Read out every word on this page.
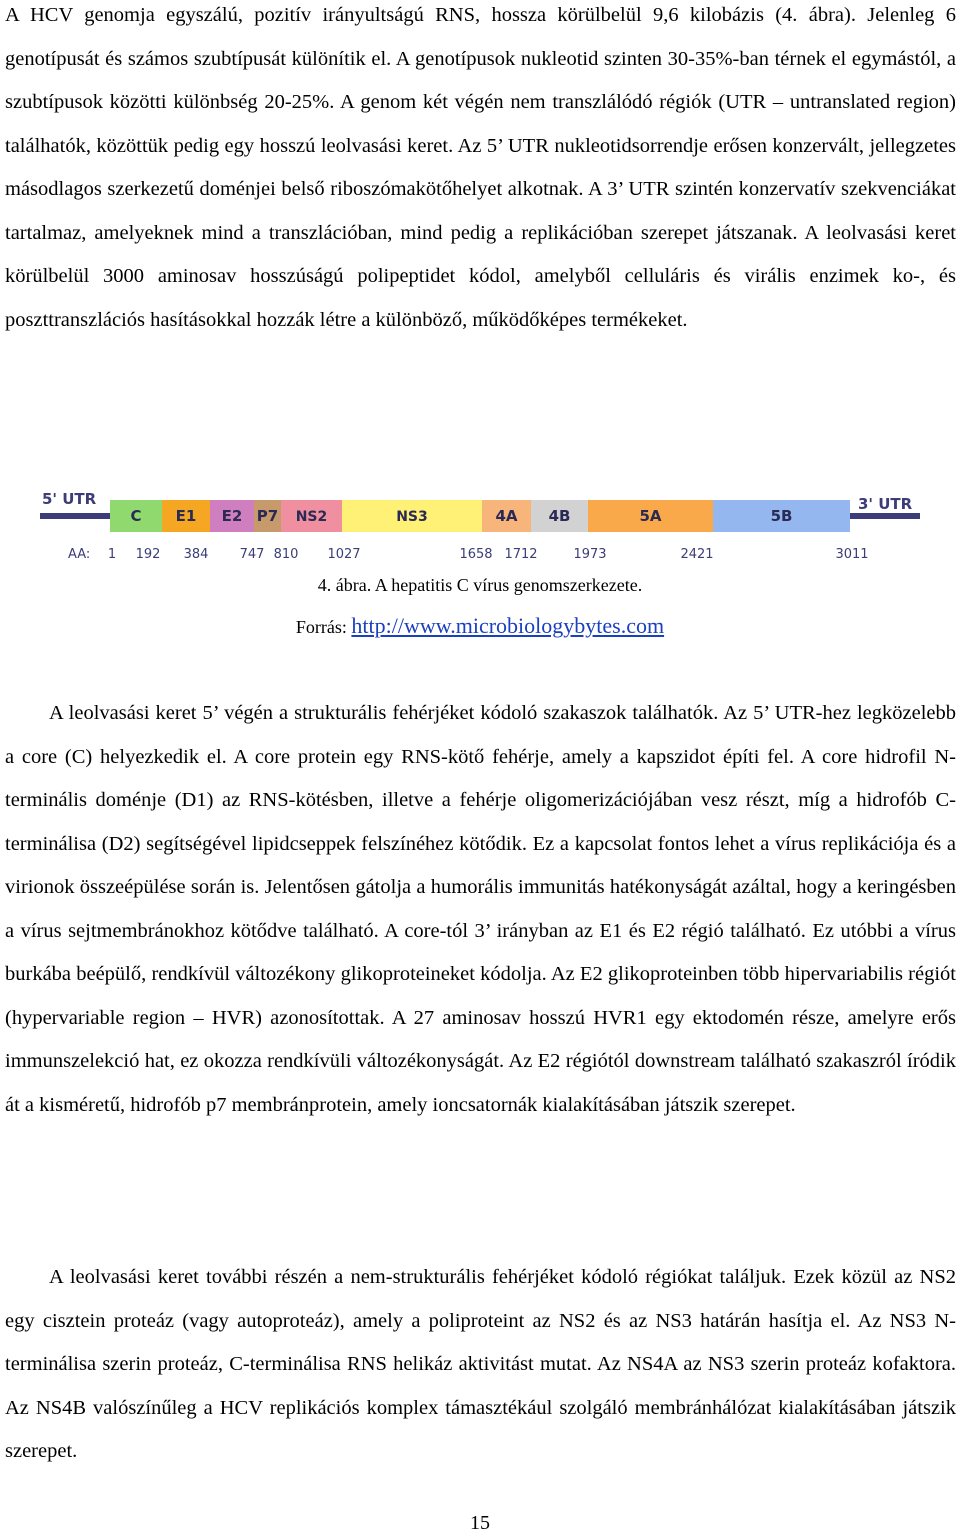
A HCV genomja egyszálú, pozitív irányultságú RNS, hossza körülbelül 9,6 kilobázis (4. ábra). Jelenleg 6 genotípusát és számos szubtípusát különítik el. A genotípusok nukleotid szinten 30-35%-ban térnek el egymástól, a szubtípusok közötti különbség 20-25%. A genom két végén nem transzlálódó régiók (UTR – untranslated region) találhatók, közöttük pedig egy hosszú leolvasási keret. Az 5’ UTR nukleotidsorrendje erősen konzervált, jellegzetes másodlagos szerkezetű doménjei belső riboszómakötőhelyet alkotnak. A 3’ UTR szintén konzervatív szekvenciákat tartalmaz, amelyeknek mind a transzlációban, mind pedig a replikációban szerepet játszanak. A leolvasási keret körülbelül 3000 aminosav hosszúságú polipeptidet kódol, amelyből celluláris és virális enzimek ko-, és poszttranszlációs hasításokkal hozzák létre a különböző, működőképes termékeket.

5' UTR	3' UTR
C E1 E2 P7 NS2	NS3	4A 4B	5A	5B
AA: 1 192 384 747 810 1027	1658 1712	1973	2421	3011
4. ábra. A hepatitis C vírus genomszerkezete.
Forrás: http://www.microbiologybytes.com

A leolvasási keret 5’ végén a strukturális fehérjéket kódoló szakaszok találhatók. Az 5’ UTR-hez legközelebb a core (C) helyezkedik el. A core protein egy RNS-kötő fehérje, amely a kapszidot építi fel. A core hidrofil N-terminális doménje (D1) az RNS-kötésben, illetve a fehérje oligomerizációjában vesz részt, míg a hidrofób C-terminálisa (D2) segítségével lipidcseppek felszínéhez kötődik. Ez a kapcsolat fontos lehet a vírus replikációja és a virionok összeépülése során is. Jelentősen gátolja a humorális immunitás hatékonyságát azáltal, hogy a keringésben a vírus sejtmembránokhoz kötődve található. A core-tól 3’ irányban az E1 és E2 régió található. Ez utóbbi a vírus burkába beépülő, rendkívül változékony glikoproteineket kódolja. Az E2 glikoproteinben több hipervariabilis régiót (hypervariable region – HVR) azonosítottak. A 27 aminosav hosszú HVR1 egy ektodomén része, amelyre erős immunszelekció hat, ez okozza rendkívüli változékonyságát. Az E2 régiótól downstream található szakaszról íródik át a kisméretű, hidrofób p7 membránprotein, amely ioncsatornák kialakításában játszik szerepet.

A leolvasási keret további részén a nem-strukturális fehérjéket kódoló régiókat találjuk. Ezek közül az NS2 egy cisztein proteáz (vagy autoproteáz), amely a poliproteint az NS2 és az NS3 határán hasítja el. Az NS3 N-terminálisa szerin proteáz, C-terminálisa RNS helikáz aktivitást mutat. Az NS4A az NS3 szerin proteáz kofaktora. Az NS4B valószínűleg a HCV replikációs komplex támasztékául szolgáló membránhálózat kialakításában játszik szerepet.

15
